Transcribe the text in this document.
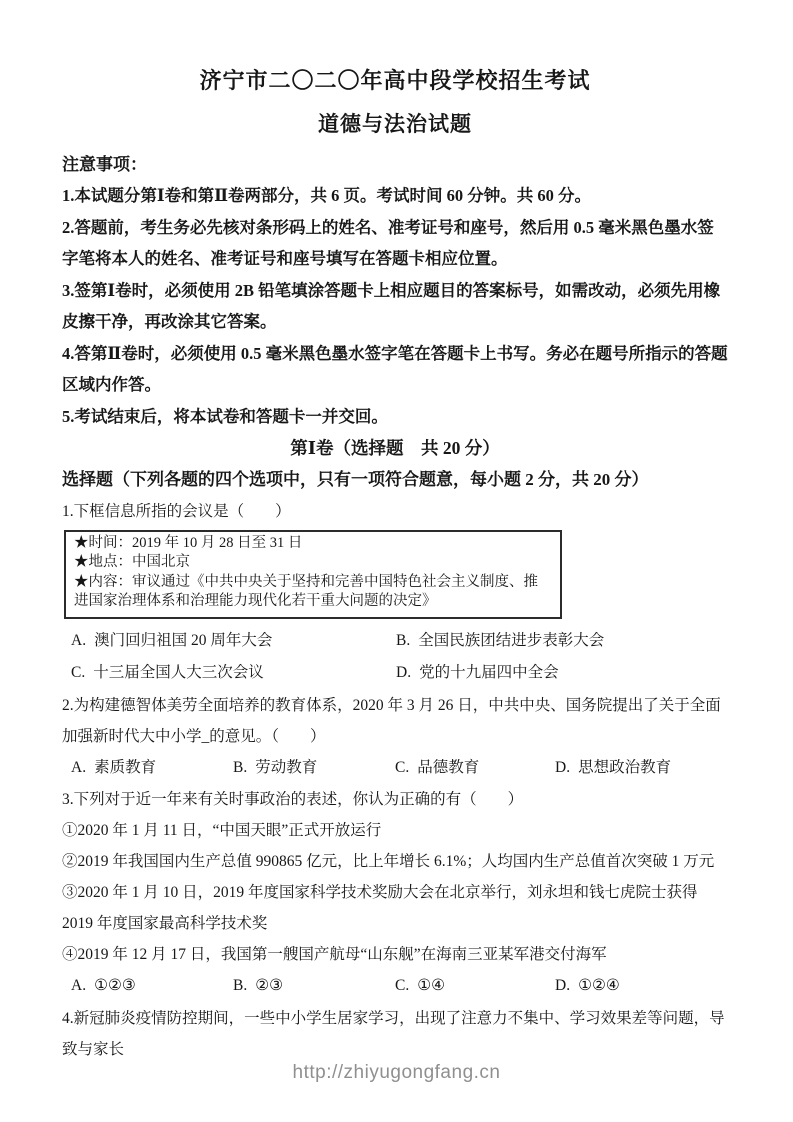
济宁市二〇二〇年高中段学校招生考试
道德与法治试题

注意事项：

1.本试题分第Ⅰ卷和第Ⅱ卷两部分，共 6 页。考试时间 60 分钟。共 60 分。

2.答题前，考生务必先核对条形码上的姓名、准考证号和座号，然后用 0.5 毫米黑色墨水签字笔将本人的姓名、准考证号和座号填写在答题卡相应位置。

3.签第Ⅰ卷时，必须使用 2B 铅笔填涂答题卡上相应题目的答案标号，如需改动，必须先用橡皮擦干净，再改涂其它答案。

4.答第Ⅱ卷时，必须使用 0.5 毫米黑色墨水签字笔在答题卡上书写。务必在题号所指示的答题区域内作答。

5.考试结束后，将本试卷和答题卡一并交回。

第Ⅰ卷（选择题　共 20 分）

选择题（下列各题的四个选项中，只有一项符合题意，每小题 2 分，共 20 分）

1.下框信息所指的会议是（　　）

★时间：2019 年 10 月 28 日至 31 日

★地点：中国北京

★内容：审议通过《中共中央关于坚持和完善中国特色社会主义制度、推进国家治理体系和治理能力现代化若干重大问题的决定》

A. 澳门回归祖国 20 周年大会	B. 全国民族团结进步表彰大会
C. 十三届全国人大三次会议	D. 党的十九届四中全会

2.为构建德智体美劳全面培养的教育体系，2020 年 3 月 26 日，中共中央、国务院提出了关于全面加强新时代大中小学_的意见。（　　）

A. 素质教育	B. 劳动教育	C. 品德教育	D. 思想政治教育

3.下列对于近一年来有关时事政治的表述，你认为正确的有（　　）

①2020 年 1 月 11 日，“中国天眼”正式开放运行

②2019 年我国国内生产总值 990865 亿元，比上年增长 6.1%；人均国内生产总值首次突破 1 万元

③2020 年 1 月 10 日，2019 年度国家科学技术奖励大会在北京举行，刘永坦和钱七虎院士获得 2019 年度国家最高科学技术奖

④2019 年 12 月 17 日，我国第一艘国产航母“山东舰”在海南三亚某军港交付海军

A. ①②③	B. ②③	C. ①④	D. ①②④

4.新冠肺炎疫情防控期间，一些中小学生居家学习，出现了注意力不集中、学习效果差等问题，导致与家长

http://zhiyugongfang.cn
